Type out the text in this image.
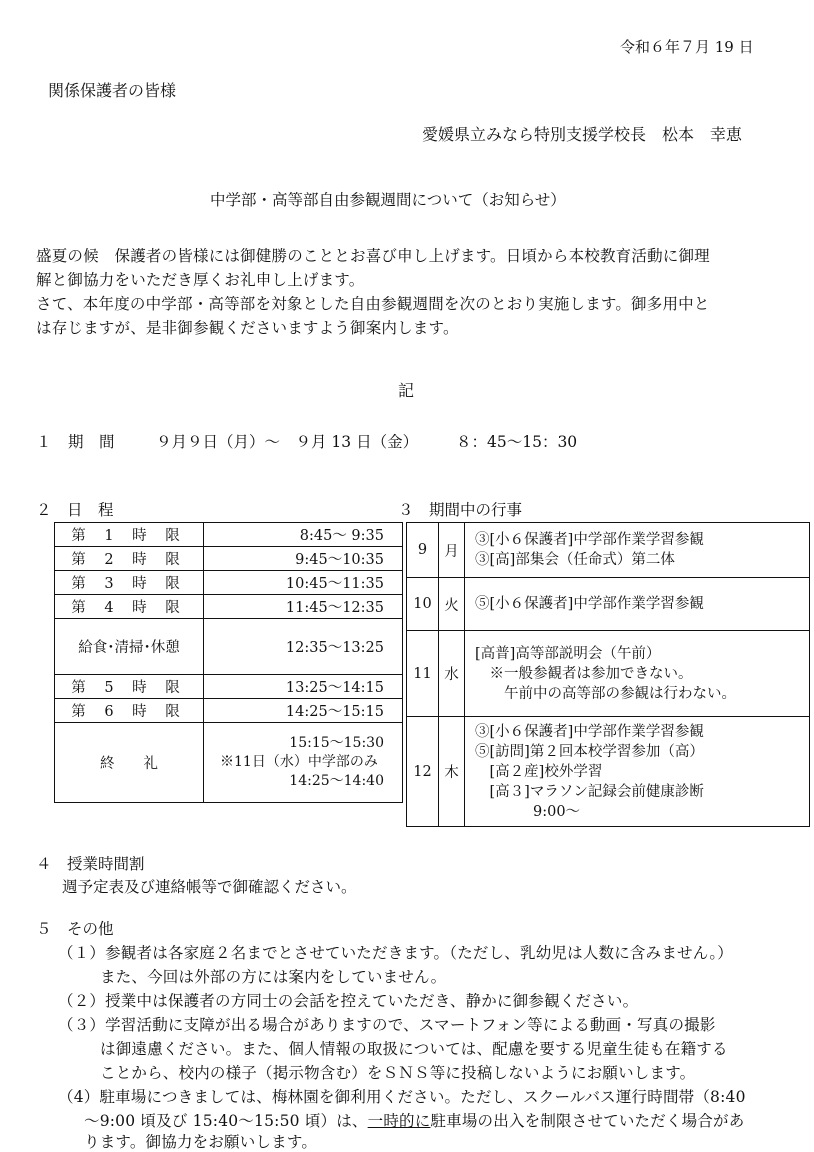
令和６年７月 19 日
関係保護者の皆様
愛媛県立みなら特別支援学校長　松本　幸恵
中学部・高等部自由参観週間について（お知らせ）
盛夏の候　保護者の皆様には御健勝のこととお喜び申し上げます。日頃から本校教育活動に御理
解と御協力をいただき厚くお礼申し上げます。
さて、本年度の中学部・高等部を対象とした自由参観週間を次のとおり実施します。御多用中と
は存じますが、是非御参観くださいますよう御案内します。
記
１ 期　間	９月９日（月）～　９月 13 日（金） ８：45～15：30
２　日　程
第 1 時 限	8:45～ 9:35
第 2 時 限	9:45～10:35
第 3 時 限	10:45～11:35
第 4 時 限	11:45～12:35
給食･清掃･休憩	12:35～13:25
第 5 時 限	13:25～14:15
第 6 時 限	14:25～15:15
終　　礼	15:15～15:30
※11日（水）中学部のみ
14:25～14:40
３　期間中の行事
9	月	③[小６保護者]中学部作業学習参観
③[高]部集会（任命式）第二体

10	火	⑤[小６保護者]中学部作業学習参観

11	水	[高普]高等部説明会（午前）
　※一般参観者は参加できない。
　　午前中の高等部の参観は行わない。

12	木	③[小６保護者]中学部作業学習参観
⑤[訪問]第２回本校学習参加（高）
　[高２産]校外学習
　[高３]マラソン記録会前健康診断
　　　　9:00～
４　授業時間割
週予定表及び連絡帳等で御確認ください。
５　その他
（１）参観者は各家庭２名までとさせていただきます。（ただし、乳幼児は人数に含みません。）
また、今回は外部の方には案内をしていません。
（２）授業中は保護者の方同士の会話を控えていただき、静かに御参観ください。
（３）学習活動に支障が出る場合がありますので、スマートフォン等による動画・写真の撮影
は御遠慮ください。また、個人情報の取扱については、配慮を要する児童生徒も在籍する
ことから、校内の様子（掲示物含む）をＳＮＳ等に投稿しないようにお願いします。
（4）駐車場につきましては、梅林園を御利用ください。ただし、スクールバス運行時間帯（8:40
～9:00 頃及び 15:40～15:50 頃）は、一時的に駐車場の出入を制限させていただく場合があ
ります。御協力をお願いします。
